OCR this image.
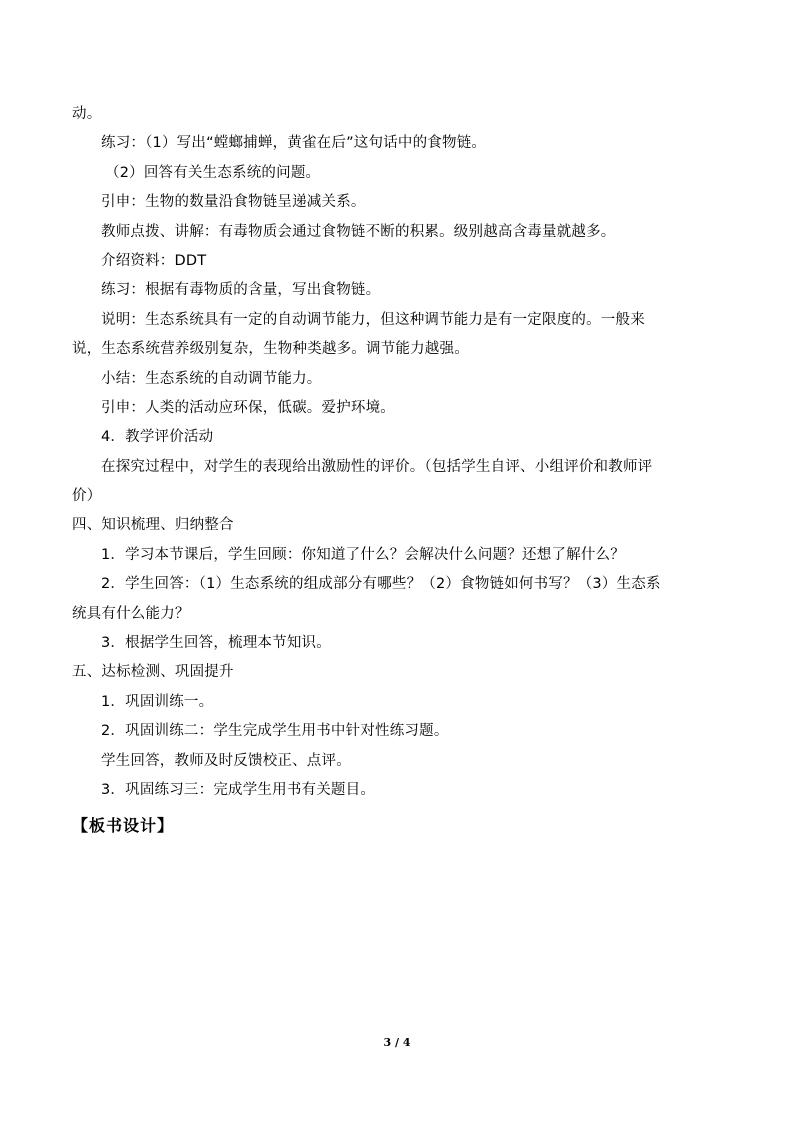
动。
练习：（1）写出“螳螂捕蝉，黄雀在后”这句话中的食物链。
（2）回答有关生态系统的问题。
引申：生物的数量沿食物链呈递减关系。
教师点拨、讲解：有毒物质会通过食物链不断的积累。级别越高含毒量就越多。
介绍资料：DDT
练习：根据有毒物质的含量，写出食物链。
说明：生态系统具有一定的自动调节能力，但这种调节能力是有一定限度的。一般来
说，生态系统营养级别复杂，生物种类越多。调节能力越强。
小结：生态系统的自动调节能力。
引申：人类的活动应环保，低碳。爱护环境。
4．教学评价活动
在探究过程中，对学生的表现给出激励性的评价。（包括学生自评、小组评价和教师评
价）
四、知识梳理、归纳整合
1．学习本节课后，学生回顾：你知道了什么？会解决什么问题？还想了解什么？
2．学生回答：（1）生态系统的组成部分有哪些？（2）食物链如何书写？（3）生态系
统具有什么能力？
3．根据学生回答，梳理本节知识。
五、达标检测、巩固提升
1．巩固训练一。
2．巩固训练二：学生完成学生用书中针对性练习题。
学生回答，教师及时反馈校正、点评。
3．巩固练习三：完成学生用书有关题目。
【板书设计】
3 / 4
